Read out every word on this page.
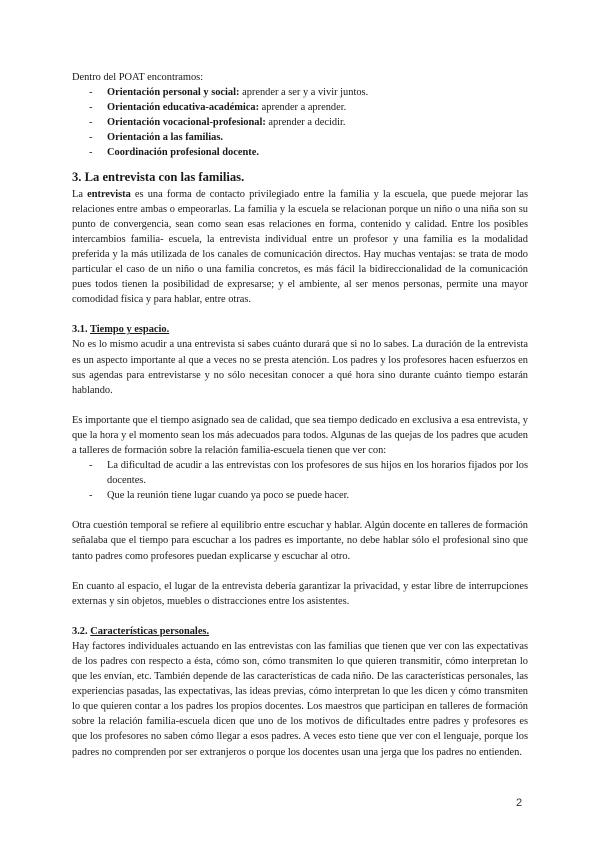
Dentro del POAT encontramos:

- Orientación personal y social: aprender a ser y a vivir juntos.
- Orientación educativa-académica: aprender a aprender.
- Orientación vocacional-profesional: aprender a decidir.
- Orientación a las familias.
- Coordinación profesional docente.
3. La entrevista con las familias.

La entrevista es una forma de contacto privilegiado entre la familia y la escuela, que puede mejorar las relaciones entre ambas o empeorarlas. La familia y la escuela se relacionan porque un niño o una niña son su punto de convergencia, sean como sean esas relaciones en forma, contenido y calidad. Entre los posibles intercambios familia- escuela, la entrevista individual entre un profesor y una familia es la modalidad preferida y la más utilizada de los canales de comunicación directos. Hay muchas ventajas: se trata de modo particular el caso de un niño o una familia concretos, es más fácil la bidireccionalidad de la comunicación pues todos tienen la posibilidad de expresarse; y el ambiente, al ser menos personas, permite una mayor comodidad física y para hablar, entre otras.

3.1. Tiempo y espacio.

No es lo mismo acudir a una entrevista si sabes cuánto durará que si no lo sabes. La duración de la entrevista es un aspecto importante al que a veces no se presta atención. Los padres y los profesores hacen esfuerzos en sus agendas para entrevistarse y no sólo necesitan conocer a qué hora sino durante cuánto tiempo estarán hablando.

Es importante que el tiempo asignado sea de calidad, que sea tiempo dedicado en exclusiva a esa entrevista, y que la hora y el momento sean los más adecuados para todos. Algunas de las quejas de los padres que acuden a talleres de formación sobre la relación familia-escuela tienen que ver con:

- La dificultad de acudir a las entrevistas con los profesores de sus hijos en los horarios fijados por los docentes.
- Que la reunión tiene lugar cuando ya poco se puede hacer.

Otra cuestión temporal se refiere al equilibrio entre escuchar y hablar. Algún docente en talleres de formación señalaba que el tiempo para escuchar a los padres es importante, no debe hablar sólo el profesional sino que tanto padres como profesores puedan explicarse y escuchar al otro.

En cuanto al espacio, el lugar de la entrevista debería garantizar la privacidad, y estar libre de interrupciones externas y sin objetos, muebles o distracciones entre los asistentes.

3.2. Características personales.

Hay factores individuales actuando en las entrevistas con las familias que tienen que ver con las expectativas de los padres con respecto a ésta, cómo son, cómo transmiten lo que quieren transmitir, cómo interpretan lo que les envían, etc. También depende de las características de cada niño. De las características personales, las experiencias pasadas, las expectativas, las ideas previas, cómo interpretan lo que les dicen y cómo transmiten lo que quieren contar a los padres los propios docentes. Los maestros que participan en talleres de formación sobre la relación familia-escuela dicen que uno de los motivos de dificultades entre padres y profesores es que los profesores no saben cómo llegar a esos padres. A veces esto tiene que ver con el lenguaje, porque los padres no comprenden por ser extranjeros o porque los docentes usan una jerga que los padres no entienden.

2
